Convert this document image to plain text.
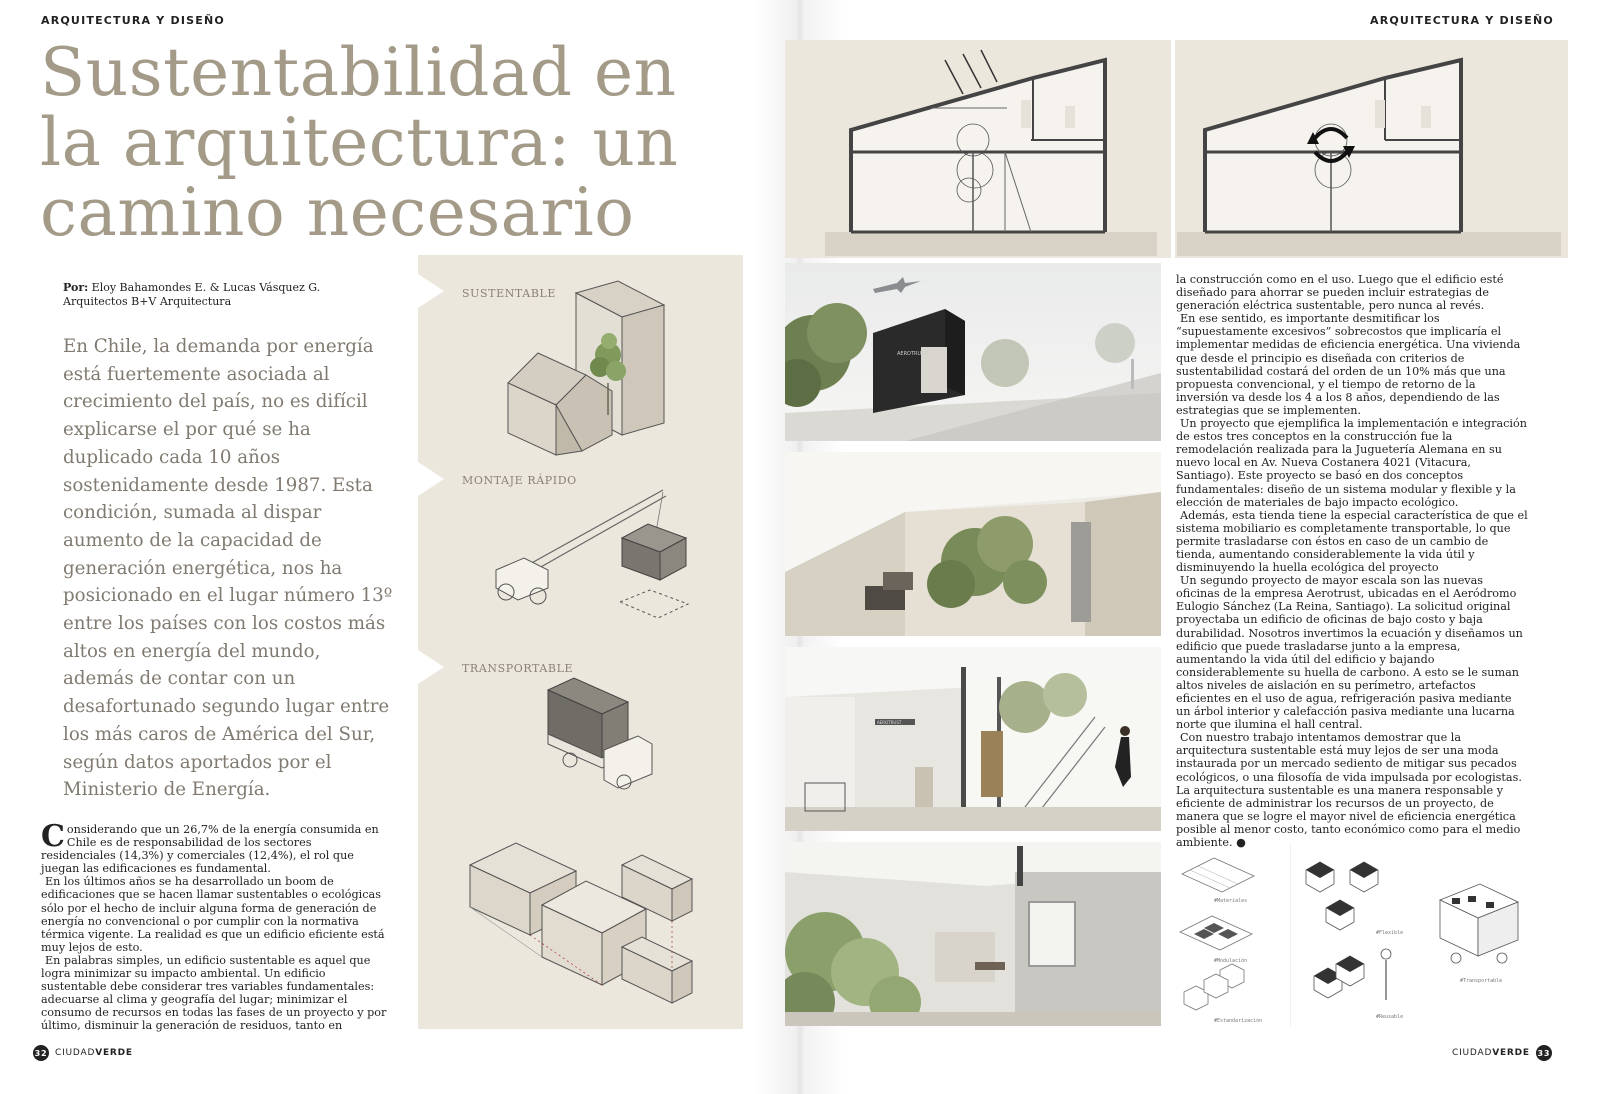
ARQUITECTURA Y DISEÑO
Sustentabilidad en
la arquitectura: un
camino necesario
Por: Eloy Bahamondes E. & Lucas Vásquez G.
Arquitectos B+V Arquitectura

En Chile, la demanda por energía está fuertemente asociada al crecimiento del país, no es difícil explicarse el por qué se ha duplicado cada 10 años sostenidamente desde 1987. Esta condición, sumada al dispar aumento de la capacidad de generación energética, nos ha posicionado en el lugar número 13º entre los países con los costos más altos en energía del mundo, además de contar con un desafortunado segundo lugar entre los más caros de América del Sur, según datos aportados por el Ministerio de Energía.

Considerando que un 26,7% de la energía consumida en Chile es de responsabilidad de los sectores residenciales (14,3%) y comerciales (12,4%), el rol que juegan las edificaciones es fundamental.

En los últimos años se ha desarrollado un boom de edificaciones que se hacen llamar sustentables o ecológicas sólo por el hecho de incluir alguna forma de generación de energía no convencional o por cumplir con la normativa térmica vigente. La realidad es que un edificio eficiente está muy lejos de esto.

En palabras simples, un edificio sustentable es aquel que logra minimizar su impacto ambiental. Un edificio sustentable debe considerar tres variables fundamentales: adecuarse al clima y geografía del lugar; minimizar el consumo de recursos en todas las fases de un proyecto y por último, disminuir la generación de residuos, tanto en

SUSTENTABLE
MONTAJE RÁPIDO
TRANSPORTABLE
32 CIUDADVERDE
ARQUITECTURA Y DISEÑO
AEROTRUST
AEROTRUST
#Materiales
#Modulación
#Estandarización
#Flexible
#Transportable
#Reusable

la construcción como en el uso. Luego que el edificio esté diseñado para ahorrar se pueden incluir estrategias de generación eléctrica sustentable, pero nunca al revés.

En ese sentido, es importante desmitificar los “supuestamente excesivos” sobrecostos que implicaría el implementar medidas de eficiencia energética. Una vivienda que desde el principio es diseñada con criterios de sustentabilidad costará del orden de un 10% más que una propuesta convencional, y el tiempo de retorno de la inversión va desde los 4 a los 8 años, dependiendo de las estrategias que se implementen.

Un proyecto que ejemplifica la implementación e integración de estos tres conceptos en la construcción fue la remodelación realizada para la Juguetería Alemana en su nuevo local en Av. Nueva Costanera 4021 (Vitacura, Santiago). Este proyecto se basó en dos conceptos fundamentales: diseño de un sistema modular y flexible y la elección de materiales de bajo impacto ecológico.

Además, esta tienda tiene la especial característica de que el sistema mobiliario es completamente transportable, lo que permite trasladarse con éstos en caso de un cambio de tienda, aumentando considerablemente la vida útil y disminuyendo la huella ecológica del proyecto

Un segundo proyecto de mayor escala son las nuevas oficinas de la empresa Aerotrust, ubicadas en el Aeródromo Eulogio Sánchez (La Reina, Santiago). La solicitud original proyectaba un edificio de oficinas de bajo costo y baja durabilidad. Nosotros invertimos la ecuación y diseñamos un edificio que puede trasladarse junto a la empresa, aumentando la vida útil del edificio y bajando considerablemente su huella de carbono. A esto se le suman altos niveles de aislación en su perímetro, artefactos eficientes en el uso de agua, refrigeración pasiva mediante un árbol interior y calefacción pasiva mediante una lucarna norte que ilumina el hall central.

Con nuestro trabajo intentamos demostrar que la arquitectura sustentable está muy lejos de ser una moda instaurada por un mercado sediento de mitigar sus pecados ecológicos, o una filosofía de vida impulsada por ecologistas. La arquitectura sustentable es una manera responsable y eficiente de administrar los recursos de un proyecto, de manera que se logre el mayor nivel de eficiencia energética posible al menor costo, tanto económico como para el medio ambiente. ●

CIUDADVERDE 33
